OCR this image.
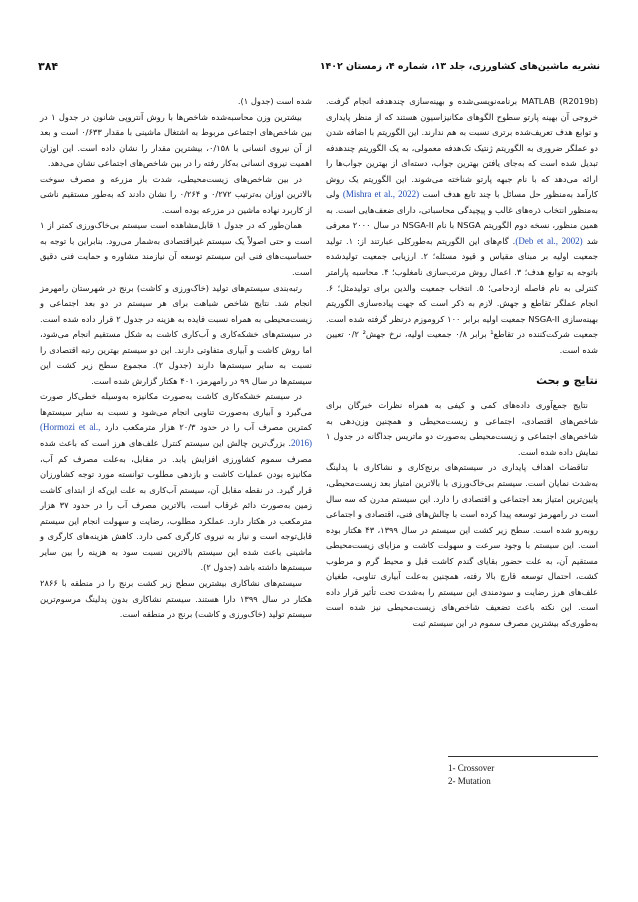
نشریه ماشین‌های کشاورزی، جلد ۱۳، شماره ۴، زمستان ۱۴۰۲
۳۸۴

(R2019b) MATLAB برنامه‌نویسی‌شده و بهینه‌سازی چندهدفه انجام گرفت. خروجی آن بهینه پارتو سطوح الگوهای مکانیزاسیون هستند که از منظر پایداری و توابع هدف تعریف‌شده برتری نسبت به هم ندارند. این الگوریتم با اضافه شدن دو عملگر ضروری به الگوریتم ژنتیک تک‌هدفه معمولی، به یک الگوریتم چندهدفه تبدیل شده است که به‌جای یافتن بهترین جواب، دسته‌ای از بهترین جواب‌ها را ارائه می‌دهد که با نام جبهه پارتو شناخته می‌شوند. این الگوریتم یک روش کارآمد به‌منظور حل مسائل با چند تابع هدف است (Mishra et al., 2022) ولی به‌منظور انتخاب ذره‌های غالب و پیچیدگی محاسباتی، دارای ضعف‌هایی است. به همین منظور، نسخه دوم الگوریتم NSGA با نام NSGA-II در سال ۲۰۰۰ معرفی شد (Deb et al., 2002). گام‌های این الگوریتم به‌طورکلی عبارتند از: ۱. تولید جمعیت اولیه بر مبنای مقیاس و قیود مسئله؛ ۲. ارزیابی جمعیت تولیدشده باتوجه به توابع هدف؛ ۳. اعمال روش مرتب‌سازی نامغلوب؛ ۴. محاسبه پارامتر کنترلی به نام فاصله ازدحامی؛ ۵. انتخاب جمعیت والدین برای تولیدمثل؛ ۶. انجام عملگر تقاطع و جهش. لازم به ذکر است که جهت پیاده‌سازی الگوریتم بهینه‌سازی NSGA-II جمعیت اولیه برابر ۱۰۰ کروموزم درنظر گرفته شده است. جمعیت شرکت‌کننده در تقاطع¹ برابر ۰/۸ جمعیت اولیه، نرخ جهش² ۰/۲ تعیین شده است.

نتایج و بحث

نتایج جمع‌آوری داده‌های کمی و کیفی به همراه نظرات خبرگان برای شاخص‌های اقتصادی، اجتماعی و زیست‌محیطی و همچنین وزن‌دهی به شاخص‌های اجتماعی و زیست‌محیطی به‌صورت دو ماتریس جداگانه در جدول ۱ نمایش داده شده است.

تناقضات اهداف پایداری در سیستم‌های برنج‌کاری و نشاکاری با پدلینگ به‌شدت نمایان است. سیستم بی‌خاک‌ورزی با بالاترین امتیاز بعد زیست‌محیطی، پایین‌ترین امتیاز بعد اجتماعی و اقتصادی را دارد. این سیستم مدرن که سه سال است در رامهرمز توسعه پیدا کرده است با چالش‌های فنی، اقتصادی و اجتماعی روبه‌رو شده است. سطح زیر کشت این سیستم در سال ۱۳۹۹، ۴۳ هکتار بوده است. این سیستم با وجود سرعت و سهولت کاشت و مزایای زیست‌محیطی مستقیم آن، به علت حضور بقایای گندم کاشت قبل و محیط گرم و مرطوب کشت، احتمال توسعه قارچ بالا رفته، همچنین به‌علت آبیاری تناوبی، طغیان علف‌های هرز رضایت و سودمندی این سیستم را به‌شدت تحت تأثیر قرار داده است. این نکته باعث تضعیف شاخص‌های زیست‌محیطی نیز شده است به‌طوری‌که بیشترین مصرف سموم در این سیستم ثبت

شده است (جدول ۱).

بیشترین وزن محاسبه‌شده شاخص‌ها با روش آنتروپی شانون در جدول ۱ در بین شاخص‌های اجتماعی مربوط به اشتغال ماشینی با مقدار ۰/۶۳۳ است و بعد از آن نیروی انسانی با ۰/۱۵۸، بیشترین مقدار را نشان داده است. این اوزان اهمیت نیروی انسانی به‌کار رفته را در بین شاخص‌های اجتماعی نشان می‌دهد.

در بین شاخص‌های زیست‌محیطی، شدت بار مزرعه و مصرف سوخت بالاترین اوزان به‌ترتیب ۰/۲۷۲ و ۰/۲۶۴ را نشان دادند که به‌طور مستقیم ناشی از کاربرد نهاده ماشین در مزرعه بوده است.

همان‌طور که در جدول ۱ قابل‌مشاهده است سیستم بی‌خاک‌ورزی کمتر از ۱ است و حتی اصولاً یک سیستم غیراقتصادی به‌شمار می‌رود. بنابراین با توجه به حساسیت‌های فنی این سیستم توسعه آن نیازمند مشاوره و حمایت فنی دقیق است.

رتبه‌بندی سیستم‌های تولید (خاک‌ورزی و کاشت) برنج در شهرستان رامهرمز انجام شد. نتایج شاخص شباهت برای هر سیستم در دو بعد اجتماعی و زیست‌محیطی به همراه نسبت فایده به هزینه در جدول ۲ قرار داده شده است. در سیستم‌های خشکه‌کاری و آب‌کاری کاشت به شکل مستقیم انجام می‌شود، اما روش کاشت و آبیاری متفاوتی دارند. این دو سیستم بهترین رتبه اقتصادی را نسبت به سایر سیستم‌ها دارند (جدول ۲). مجموع سطح زیر کشت این سیستم‌ها در سال ۹۹ در رامهرمز، ۴۰۱ هکتار گزارش شده است.

در سیستم خشکه‌کاری کاشت به‌صورت مکانیزه به‌وسیله خطی‌کار صورت می‌گیرد و آبیاری به‌صورت تناوبی انجام می‌شود و نسبت به سایر سیستم‌ها کمترین مصرف آب را در حدود ۲۰/۳ هزار مترمکعب دارد (Hormozi et al., 2016). بزرگ‌ترین چالش این سیستم کنترل علف‌های هرز است که باعث شده مصرف سموم کشاورزی افزایش یابد. در مقابل، به‌علت مصرف کم آب، مکانیزه بودن عملیات کاشت و بازدهی مطلوب توانسته مورد توجه کشاورزان قرار گیرد. در نقطه مقابل آن، سیستم آب‌کاری به علت این‌که از ابتدای کاشت زمین به‌صورت دائم غرقاب است، بالاترین مصرف آب را در حدود ۳۷ هزار مترمکعب در هکتار دارد. عملکرد مطلوب، رضایت و سهولت انجام این سیستم قابل‌توجه است و نیاز به نیروی کارگری کمی دارد. کاهش هزینه‌های کارگری و ماشینی باعث شده این سیستم بالاترین نسبت سود به هزینه را بین سایر سیستم‌ها داشته باشد (جدول ۲).

سیستم‌های نشاکاری بیشترین سطح زیر کشت برنج را در منطقه با ۲۸۶۶ هکتار در سال ۱۳۹۹ دارا هستند. سیستم نشاکاری بدون پدلینگ مرسوم‌ترین سیستم تولید (خاک‌ورزی و کاشت) برنج در منطقه است.

1- Crossover
2- Mutation
